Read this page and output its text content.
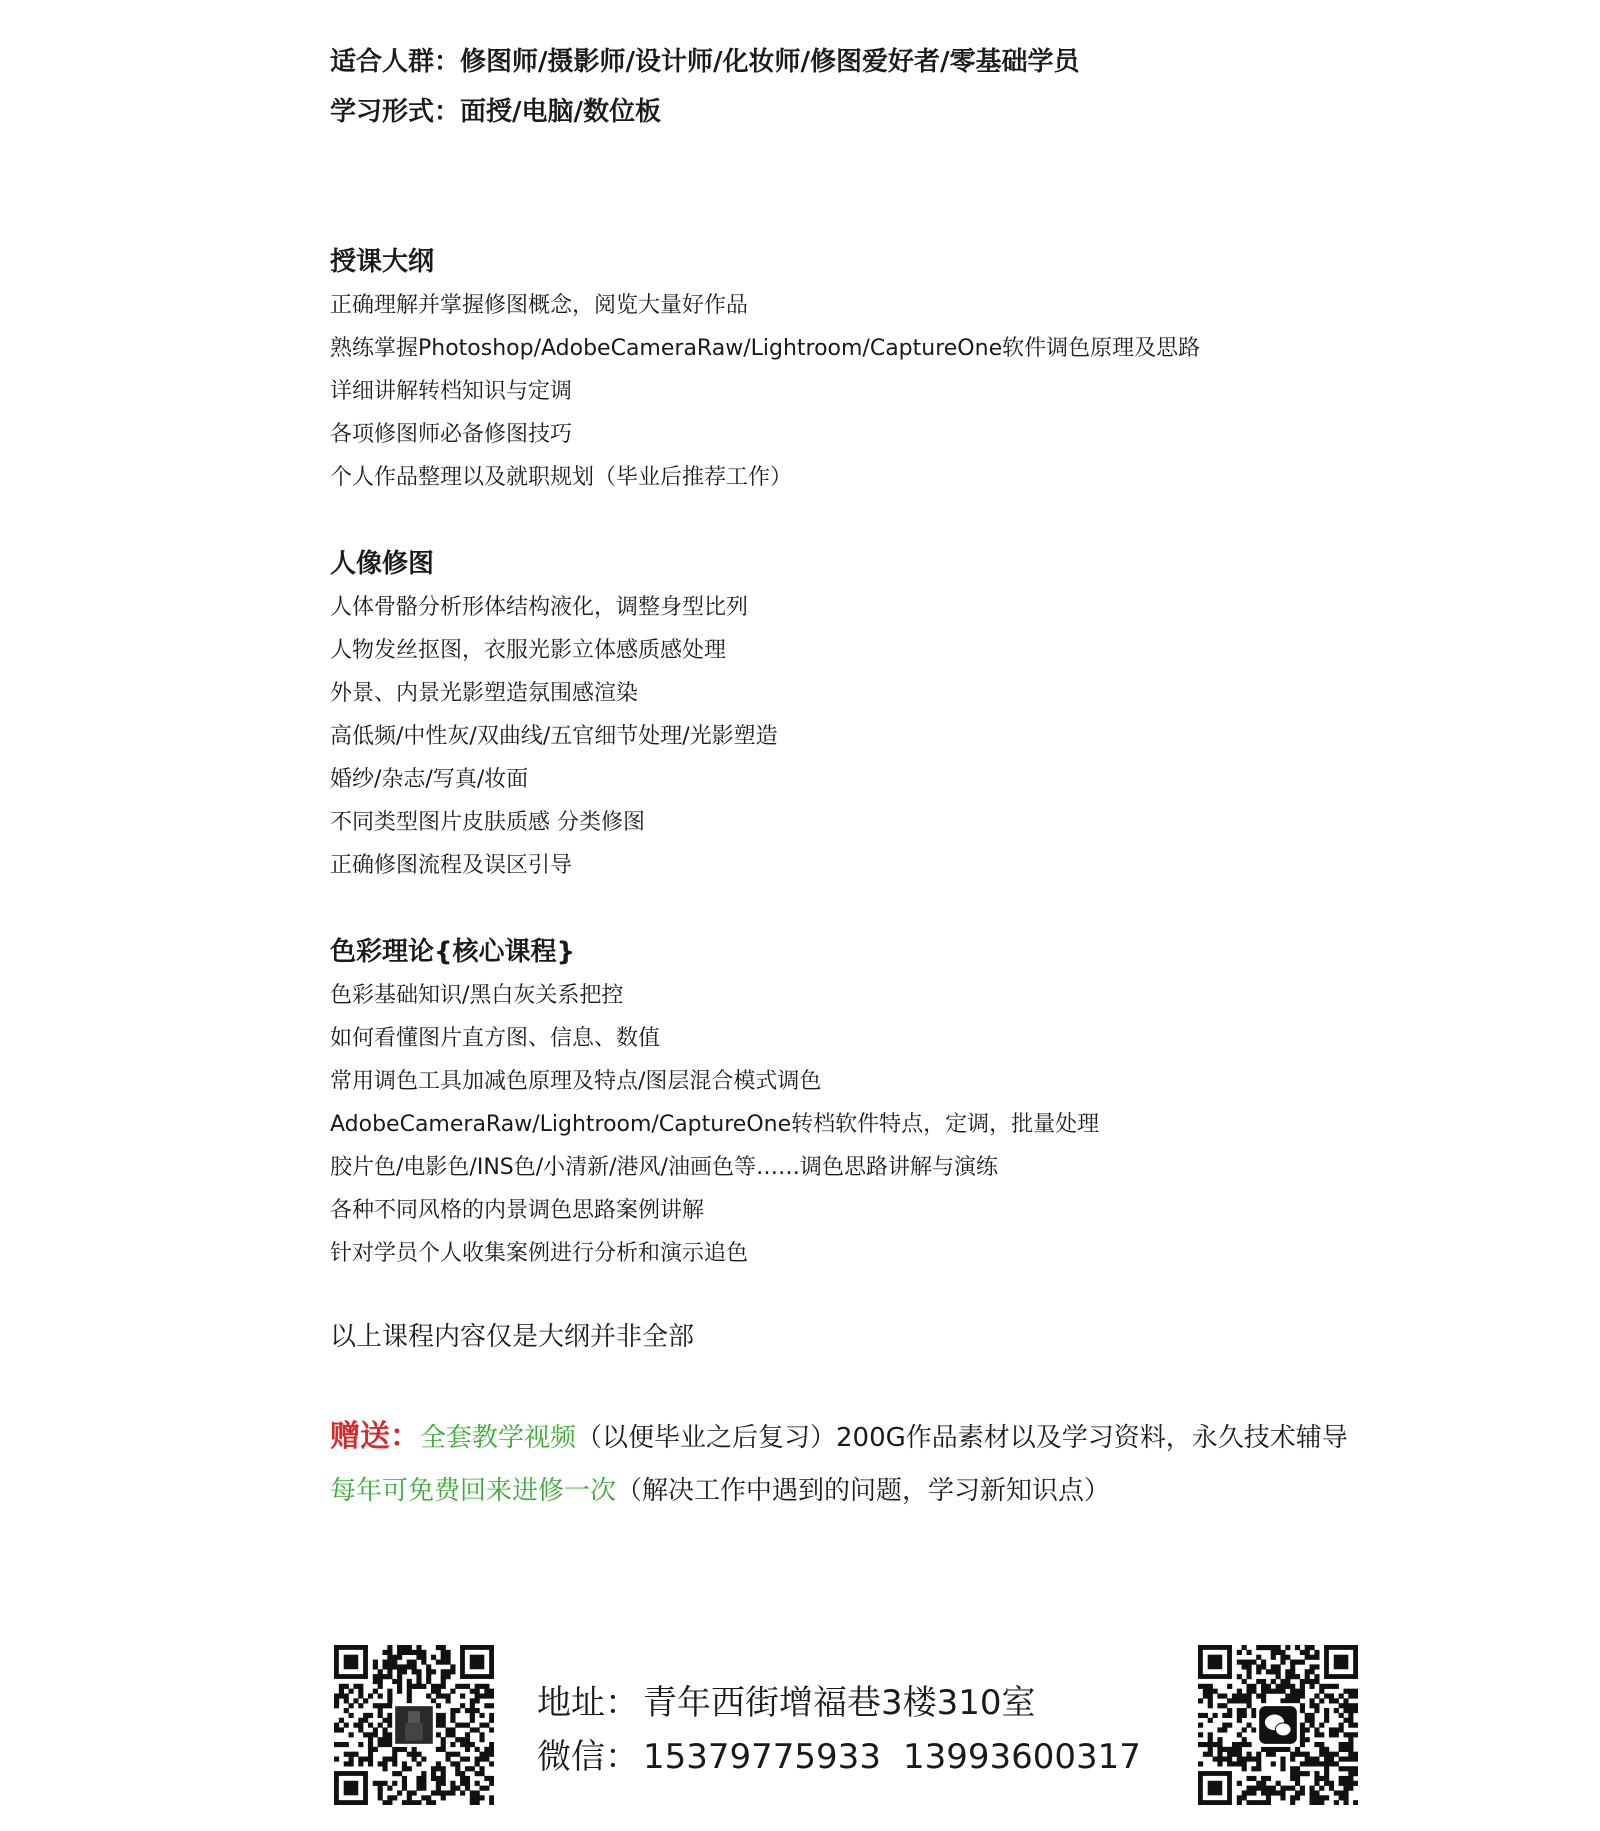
适合人群：修图师/摄影师/设计师/化妆师/修图爱好者/零基础学员
学习形式：面授/电脑/数位板
授课大纲
正确理解并掌握修图概念，阅览大量好作品
熟练掌握Photoshop/AdobeCameraRaw/Lightroom/CaptureOne软件调色原理及思路
详细讲解转档知识与定调
各项修图师必备修图技巧
个人作品整理以及就职规划（毕业后推荐工作）
人像修图
人体骨骼分析形体结构液化，调整身型比列
人物发丝抠图，衣服光影立体感质感处理
外景、内景光影塑造氛围感渲染
高低频/中性灰/双曲线/五官细节处理/光影塑造
婚纱/杂志/写真/妆面
不同类型图片皮肤质感 分类修图
正确修图流程及误区引导
色彩理论{核心课程}
色彩基础知识/黑白灰关系把控
如何看懂图片直方图、信息、数值
常用调色工具加减色原理及特点/图层混合模式调色
AdobeCameraRaw/Lightroom/CaptureOne转档软件特点，定调，批量处理
胶片色/电影色/INS色/小清新/港风/油画色等……调色思路讲解与演练
各种不同风格的内景调色思路案例讲解
针对学员个人收集案例进行分析和演示追色
以上课程内容仅是大纲并非全部
赠送：全套教学视频（以便毕业之后复习）200G作品素材以及学习资料，永久技术辅导
每年可免费回来进修一次（解决工作中遇到的问题，学习新知识点）
地址： 青年西街增福巷3楼310室
微信： 15379775933 13993600317
